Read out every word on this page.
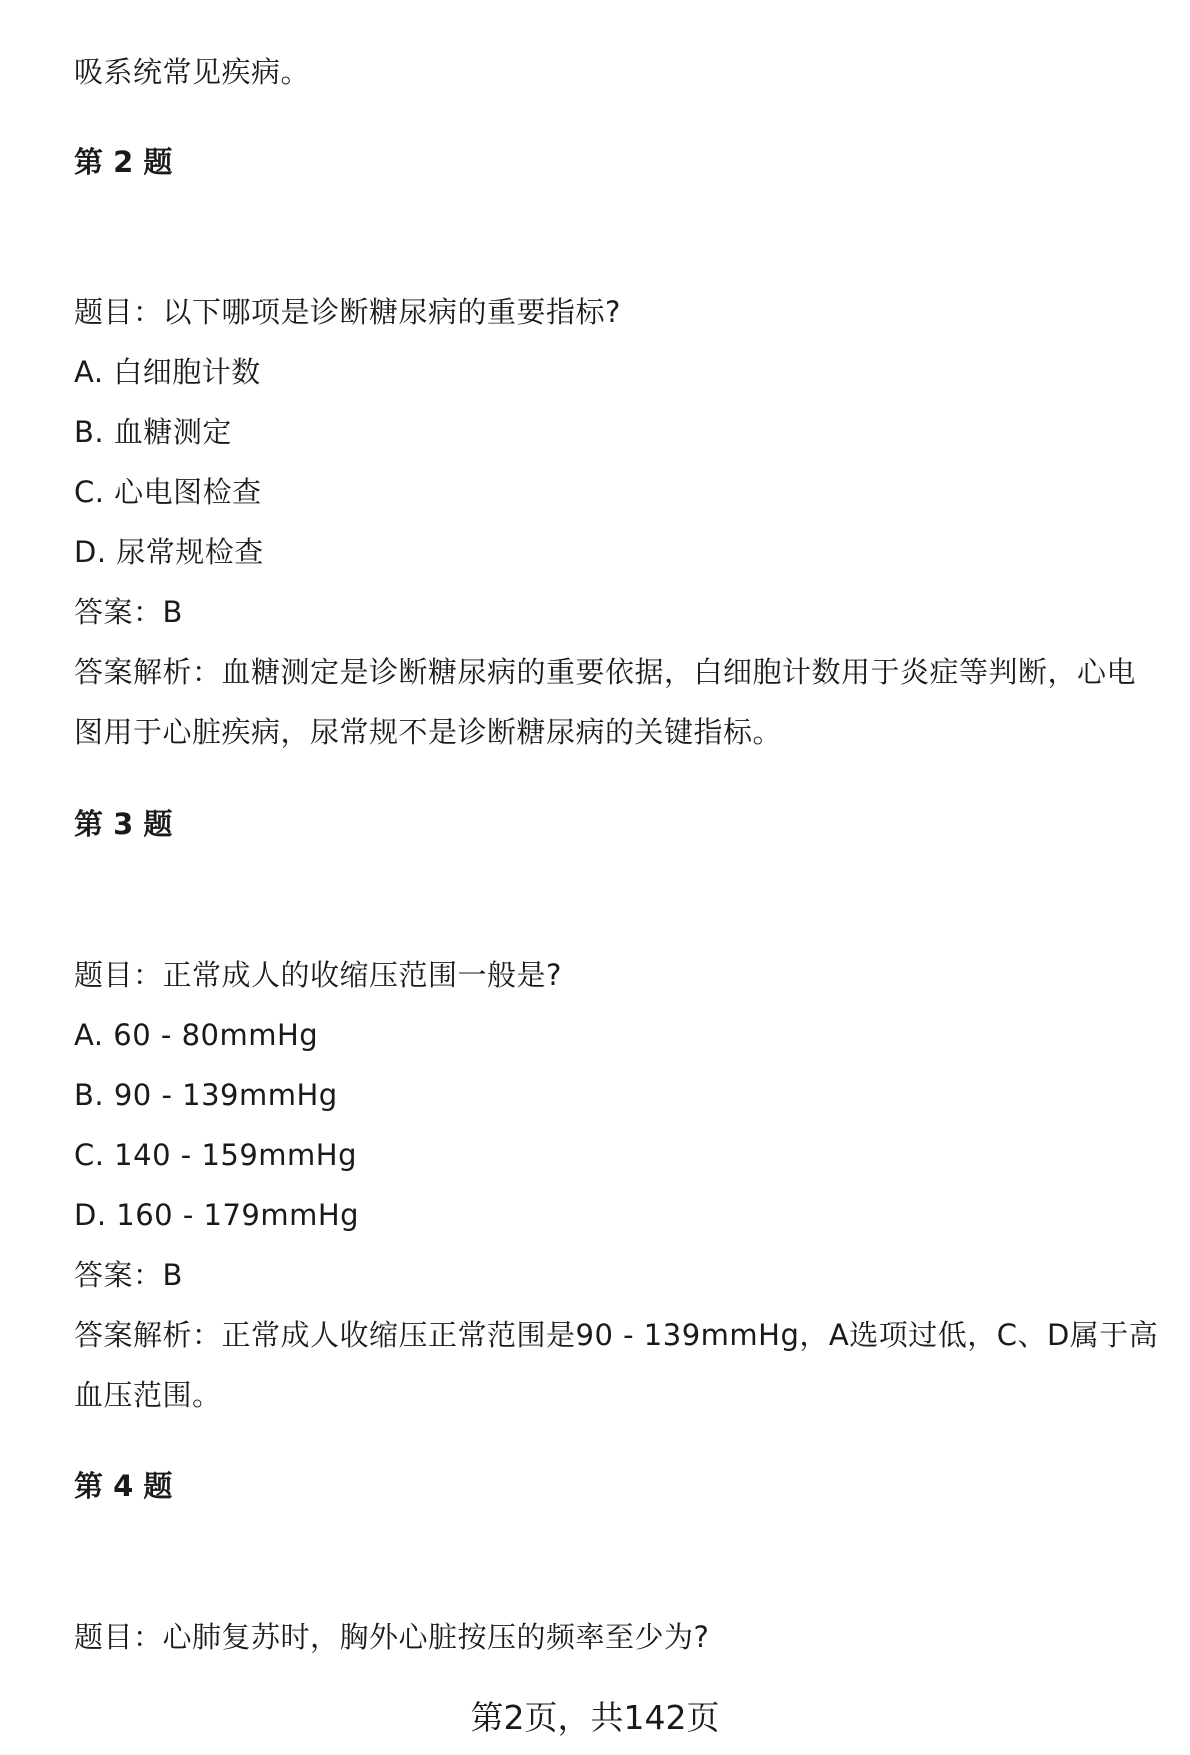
吸系统常见疾病。
第 2 题
题目：以下哪项是诊断糖尿病的重要指标?
A. 白细胞计数
B. 血糖测定
C. 心电图检查
D. 尿常规检查
答案：B
答案解析：血糖测定是诊断糖尿病的重要依据，白细胞计数用于炎症等判断，心电
图用于心脏疾病，尿常规不是诊断糖尿病的关键指标。
第 3 题
题目：正常成人的收缩压范围一般是?
A. 60 - 80mmHg
B. 90 - 139mmHg
C. 140 - 159mmHg
D. 160 - 179mmHg
答案：B
答案解析：正常成人收缩压正常范围是90 - 139mmHg，A选项过低，C、D属于高
血压范围。
第 4 题
题目：心肺复苏时，胸外心脏按压的频率至少为?
第2页，共142页
